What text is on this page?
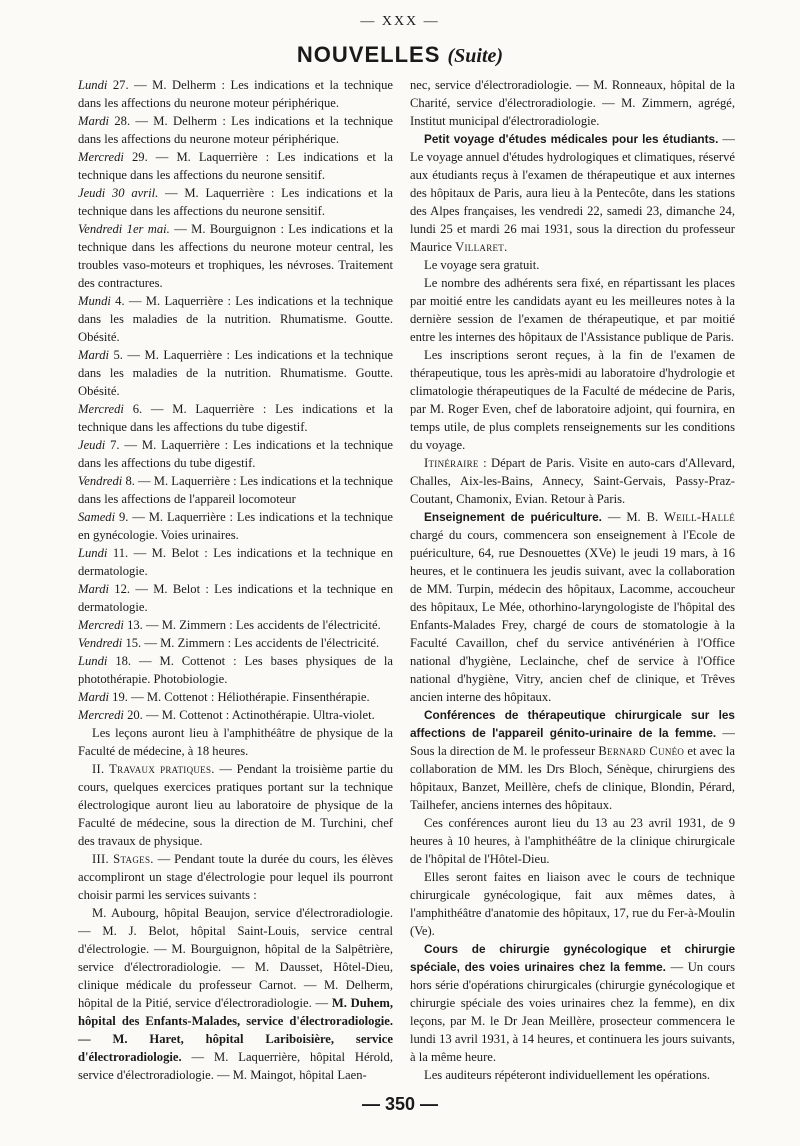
— XXX —
NOUVELLES (Suite)

Lundi 27. — M. Delherm : Les indications et la technique dans les affections du neurone moteur périphérique.

Mardi 28. — M. Delherm : Les indications et la technique dans les affections du neurone moteur périphérique.

Mercredi 29. — M. Laquerrière : Les indications et la technique dans les affections du neurone sensitif.

Jeudi 30 avril. — M. Laquerrière : Les indications et la technique dans les affections du neurone sensitif.

Vendredi 1er mai. — M. Bourguignon : Les indications et la technique dans les affections du neurone moteur central, les troubles vaso-moteurs et trophiques, les névroses. Traitement des contractures.

Mundi 4. — M. Laquerrière : Les indications et la technique dans les maladies de la nutrition. Rhumatisme. Goutte. Obésité.

Mardi 5. — M. Laquerrière : Les indications et la technique dans les maladies de la nutrition. Rhumatisme. Goutte. Obésité.

Mercredi 6. — M. Laquerrière : Les indications et la technique dans les affections du tube digestif.

Jeudi 7. — M. Laquerrière : Les indications et la technique dans les affections du tube digestif.

Vendredi 8. — M. Laquerrière : Les indications et la technique dans les affections de l'appareil locomoteur

Samedi 9. — M. Laquerrière : Les indications et la technique en gynécologie. Voies urinaires.

Lundi 11. — M. Belot : Les indications et la technique en dermatologie.

Mardi 12. — M. Belot : Les indications et la technique en dermatologie.

Mercredi 13. — M. Zimmern : Les accidents de l'électricité.

Vendredi 15. — M. Zimmern : Les accidents de l'électricité.

Lundi 18. — M. Cottenot : Les bases physiques de la photothérapie. Photobiologie.

Mardi 19. — M. Cottenot : Héliothérapie. Finsenthérapie.

Mercredi 20. — M. Cottenot : Actinothérapie. Ultra-violet.

Les leçons auront lieu à l'amphithéâtre de physique de la Faculté de médecine, à 18 heures.

II. Travaux pratiques. — Pendant la troisième partie du cours, quelques exercices pratiques portant sur la technique électrologique auront lieu au laboratoire de physique de la Faculté de médecine, sous la direction de M. Turchini, chef des travaux de physique.

III. Stages. — Pendant toute la durée du cours, les élèves accompliront un stage d'électrologie pour lequel ils pourront choisir parmi les services suivants :

M. Aubourg, hôpital Beaujon, service d'électroradiologie. — M. J. Belot, hôpital Saint-Louis, service central d'électrologie. — M. Bourguignon, hôpital de la Salpêtrière, service d'électroradiologie. — M. Dausset, Hôtel-Dieu, clinique médicale du professeur Carnot. — M. Delherm, hôpital de la Pitié, service d'électroradiologie. — M. Duhem, hôpital des Enfants-Malades, service d'électroradiologie. — M. Haret, hôpital Lariboisière, service d'électroradiologie. — M. Laquerrière, hôpital Hérold, service d'électroradiologie. — M. Maingot, hôpital Laen-

nec, service d'électroradiologie. — M. Ronneaux, hôpital de la Charité, service d'électroradiologie. — M. Zimmern, agrégé, Institut municipal d'électroradiologie.

Petit voyage d'études médicales pour les étudiants. — Le voyage annuel d'études hydrologiques et climatiques, réservé aux étudiants reçus à l'examen de thérapeutique et aux internes des hôpitaux de Paris, aura lieu à la Pentecôte, dans les stations des Alpes françaises, les vendredi 22, samedi 23, dimanche 24, lundi 25 et mardi 26 mai 1931, sous la direction du professeur Maurice Villaret.

Le voyage sera gratuit.

Le nombre des adhérents sera fixé, en répartissant les places par moitié entre les candidats ayant eu les meilleures notes à la dernière session de l'examen de thérapeutique, et par moitié entre les internes des hôpitaux de l'Assistance publique de Paris.

Les inscriptions seront reçues, à la fin de l'examen de thérapeutique, tous les après-midi au laboratoire d'hydrologie et climatologie thérapeutiques de la Faculté de médecine de Paris, par M. Roger Even, chef de laboratoire adjoint, qui fournira, en temps utile, de plus complets renseignements sur les conditions du voyage.

Itinéraire : Départ de Paris. Visite en auto-cars d'Allevard, Challes, Aix-les-Bains, Annecy, Saint-Gervais, Passy-Praz-Coutant, Chamonix, Evian. Retour à Paris.

Enseignement de puériculture. — M. B. Weill-Hallé chargé du cours, commencera son enseignement à l'Ecole de puériculture, 64, rue Desnouettes (XVe) le jeudi 19 mars, à 16 heures, et le continuera les jeudis suivant, avec la collaboration de MM. Turpin, médecin des hôpitaux, Lacomme, accoucheur des hôpitaux, Le Mée, othorhino-laryngologiste de l'hôpital des Enfants-Malades Frey, chargé de cours de stomatologie à la Faculté Cavaillon, chef du service antivénérien à l'Office national d'hygiène, Leclainche, chef de service à l'Office national d'hygiène, Vitry, ancien chef de clinique, et Trêves ancien interne des hôpitaux.

Conférences de thérapeutique chirurgicale sur les affections de l'appareil génito-urinaire de la femme. — Sous la direction de M. le professeur Bernard Cunéo et avec la collaboration de MM. les Drs Bloch, Sénèque, chirurgiens des hôpitaux, Banzet, Meillère, chefs de clinique, Blondin, Pérard, Tailhefer, anciens internes des hôpitaux.

Ces conférences auront lieu du 13 au 23 avril 1931, de 9 heures à 10 heures, à l'amphithéâtre de la clinique chirurgicale de l'hôpital de l'Hôtel-Dieu.

Elles seront faites en liaison avec le cours de technique chirurgicale gynécologique, fait aux mêmes dates, à l'amphithéâtre d'anatomie des hôpitaux, 17, rue du Fer-à-Moulin (Ve).

Cours de chirurgie gynécologique et chirurgie spéciale, des voies urinaires chez la femme. — Un cours hors série d'opérations chirurgicales (chirurgie gynécologique et chirurgie spéciale des voies urinaires chez la femme), en dix leçons, par M. le Dr Jean Meillère, prosecteur commencera le lundi 13 avril 1931, à 14 heures, et continuera les jours suivants, à la même heure.

Les auditeurs répéteront individuellement les opérations.

— 350 —
